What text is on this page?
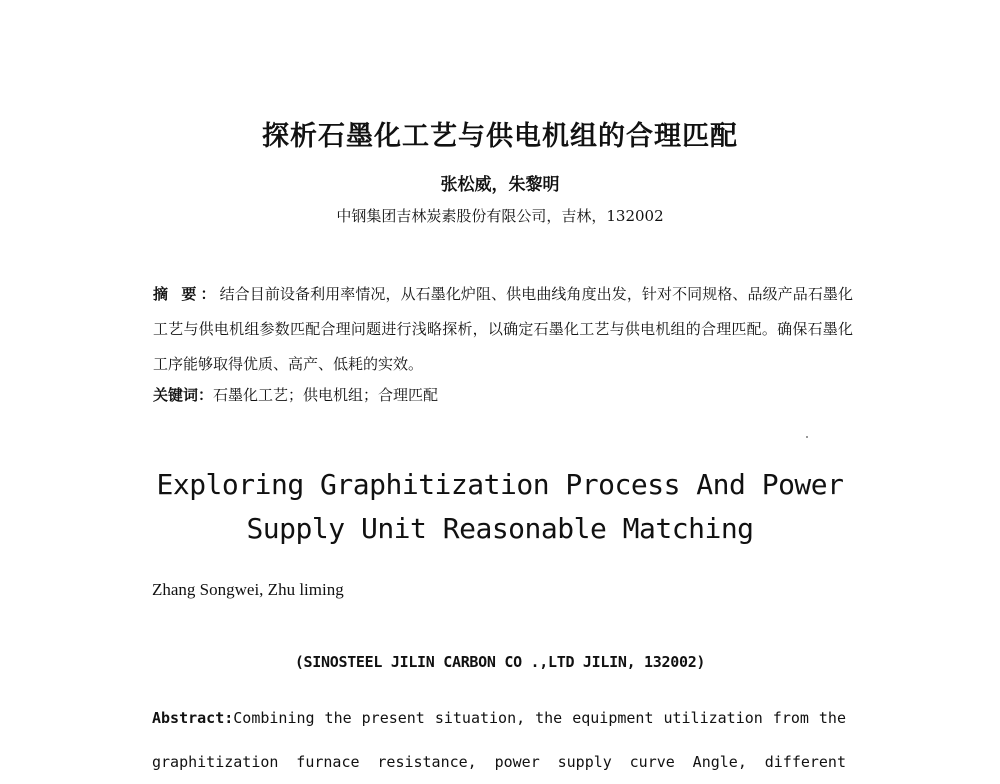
探析石墨化工艺与供电机组的合理匹配
张松威，朱黎明
中钢集团吉林炭素股份有限公司，吉林，132002
摘 要：结合目前设备利用率情况，从石墨化炉阻、供电曲线角度出发，针对不同规格、品级产品石墨化工艺与供电机组参数匹配合理问题进行浅略探析，以确定石墨化工艺与供电机组的合理匹配。确保石墨化工序能够取得优质、高产、低耗的实效。
关键词：石墨化工艺；供电机组；合理匹配
Exploring Graphitization Process And Power
Supply Unit Reasonable Matching
Zhang Songwei, Zhu liming
(SINOSTEEL JILIN CARBON CO .,LTD JILIN, 132002)
Abstract:Combining the present situation, the equipment utilization from the
graphitization furnace resistance, power supply curve Angle, different
